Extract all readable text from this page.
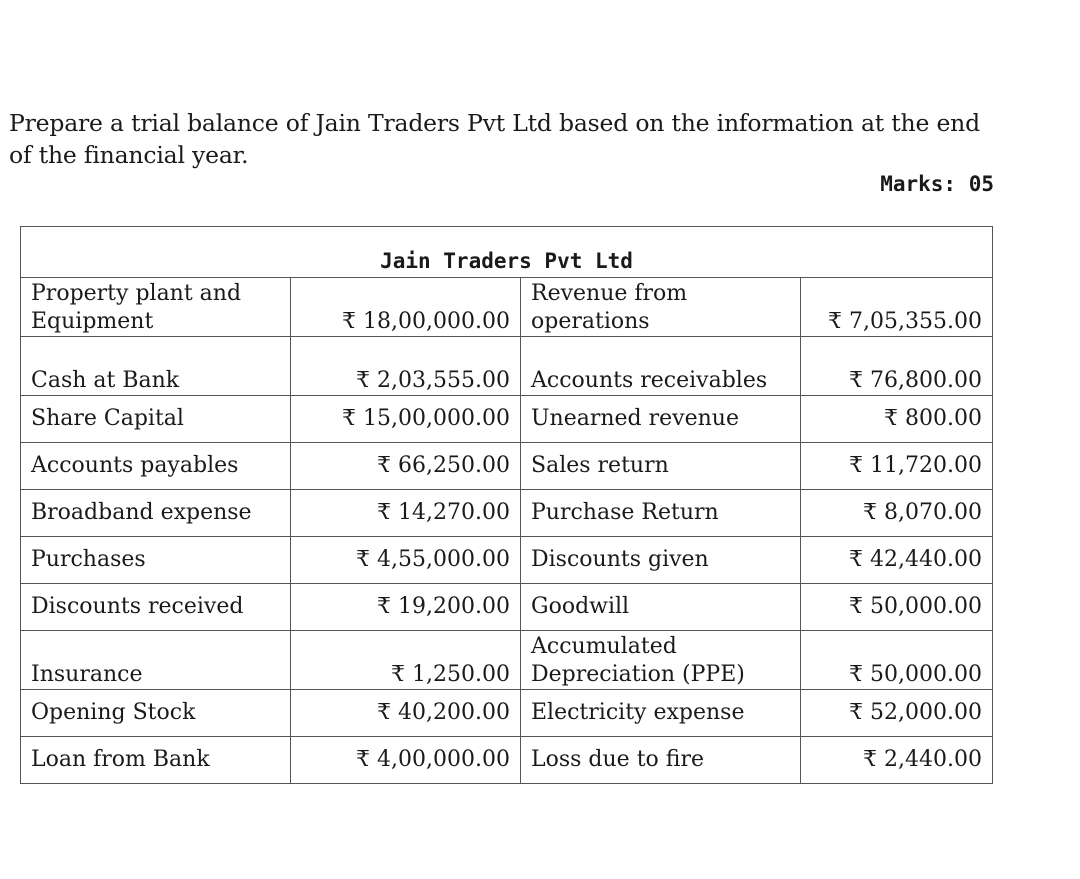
Prepare a trial balance of Jain Traders Pvt Ltd based on the information at the end of the financial year.
Marks: 05
Jain Traders Pvt Ltd			
Property plant and Equipment	₹ 18,00,000.00	Revenue from operations	₹ 7,05,355.00
Cash at Bank	₹ 2,03,555.00	Accounts receivables	₹ 76,800.00
Share Capital	₹ 15,00,000.00	Unearned revenue	₹ 800.00
Accounts payables	₹ 66,250.00	Sales return	₹ 11,720.00
Broadband expense	₹ 14,270.00	Purchase Return	₹ 8,070.00
Purchases	₹ 4,55,000.00	Discounts given	₹ 42,440.00
Discounts received	₹ 19,200.00	Goodwill	₹ 50,000.00
Insurance	₹ 1,250.00	Accumulated Depreciation (PPE)	₹ 50,000.00
Opening Stock	₹ 40,200.00	Electricity expense	₹ 52,000.00
Loan from Bank	₹ 4,00,000.00	Loss due to fire	₹ 2,440.00
